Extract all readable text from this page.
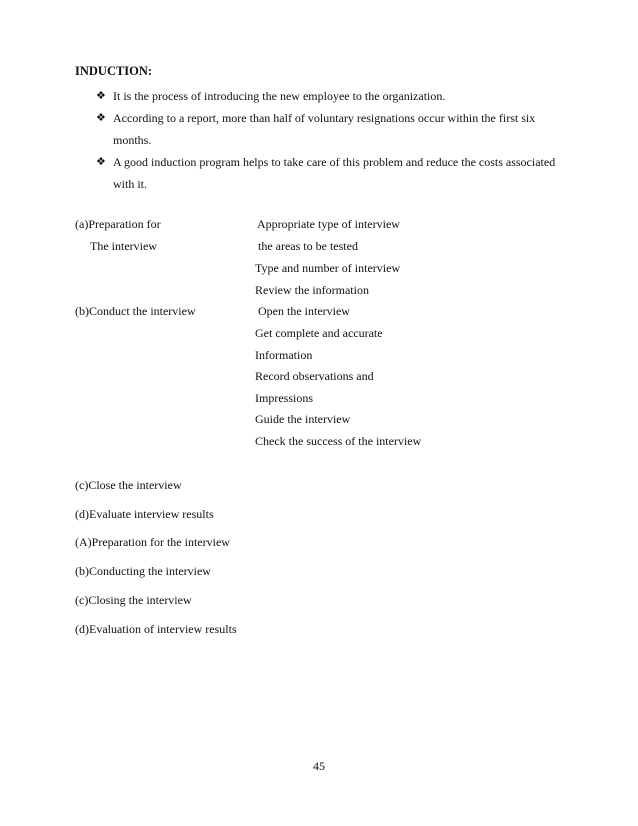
INDUCTION:
❖ It is the process of introducing the new employee to the organization.
❖ According to a report, more than half of voluntary resignations occur within the first six months.
❖ A good induction program helps to take care of this problem and reduce the costs associated with it.
(a)Preparation for
The interview
Appropriate type of interview
the areas to be tested
Type and number of interview
Review the information
(b)Conduct the interview	Open the interview
Get complete and accurate
Information
Record observations and
Impressions
Guide the interview
Check the success of the interview
(c)Close the interview
(d)Evaluate interview results
(A)Preparation for the interview
(b)Conducting the interview
(c)Closing the interview
(d)Evaluation of interview results
45
